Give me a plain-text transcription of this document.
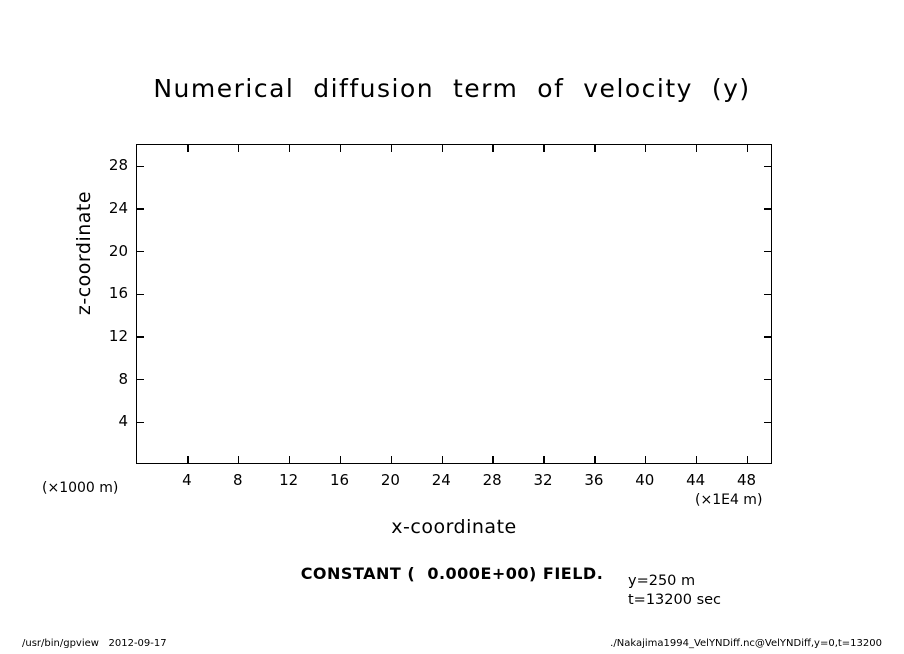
Numerical  diffusion  term  of  velocity  (y)
4	8 12 16 20 24 28 32 36 40 44 48
4
8
12
16
20
24
28
x-coordinate
z-coordinate
(×1000 m)
(×1E4 m)
CONSTANT (  0.000E+00) FIELD.	y=250 m
t=13200 sec
/usr/bin/gpview   2012-09-17	./Nakajima1994_VelYNDiff.nc@VelYNDiff,y=0,t=13200
